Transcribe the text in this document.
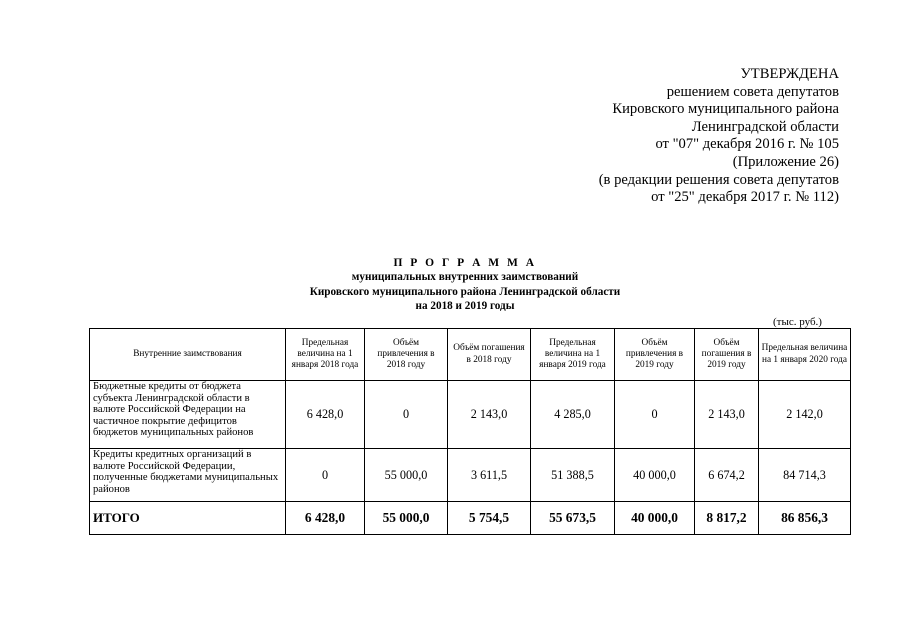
УТВЕРЖДЕНА
решением совета депутатов
Кировского муниципального района
Ленинградской области
от "07" декабря 2016 г. № 105
(Приложение 26)
(в редакции решения совета депутатов
от "25" декабря 2017 г. № 112)
П Р О Г Р А М М А
муниципальных внутренних заимствований
Кировского муниципального района Ленинградской области
на 2018 и 2019 годы
(тыс. руб.)
Внутренние заимствования	Предельная величина на 1 января 2018 года	Объём привлечения в 2018 году	Объём погашения в 2018 году	Предельная величина на 1 января 2019 года	Объём привлечения в 2019 году	Объём погашения в 2019 году	Предельная величина на 1 января 2020 года
Бюджетные кредиты от бюджета субъекта Ленинградской области в валюте Российской Федерации на частичное покрытие дефицитов бюджетов муниципальных районов	6 428,0	0	2 143,0	4 285,0	0	2 143,0	2 142,0
Кредиты кредитных организаций в валюте Российской Федерации, полученные бюджетами муниципальных районов	0	55 000,0	3 611,5	51 388,5	40 000,0	6 674,2	84 714,3
ИТОГО	6 428,0	55 000,0	5 754,5	55 673,5	40 000,0	8 817,2	86 856,3
